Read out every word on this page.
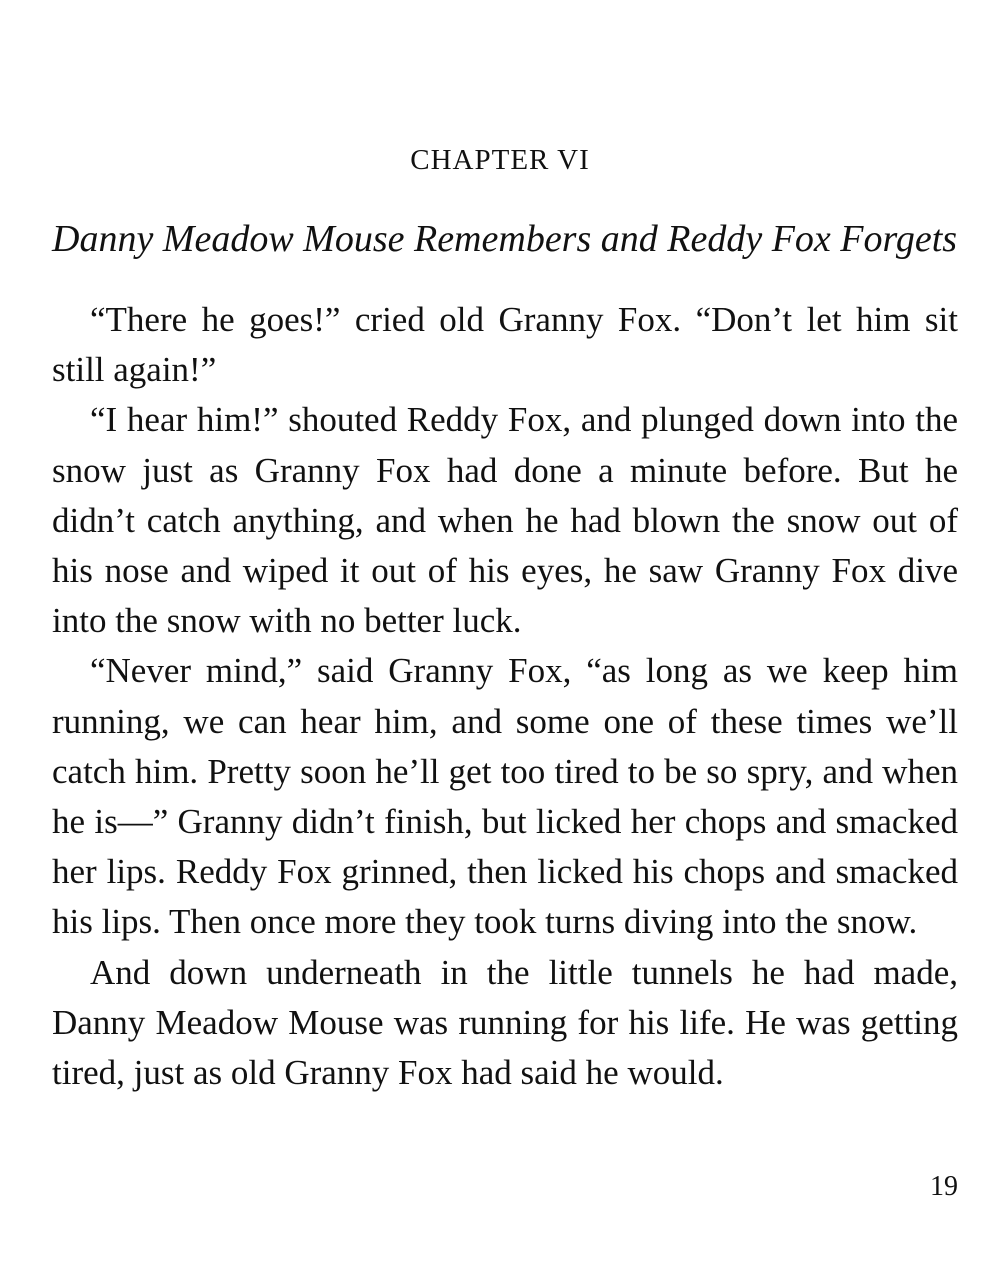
CHAPTER VI
Danny Meadow Mouse Remembers and Reddy Fox Forgets

“There he goes!” cried old Granny Fox. “Don’t let him sit still again!”

“I hear him!” shouted Reddy Fox, and plunged down into the snow just as Granny Fox had done a minute before. But he didn’t catch anything, and when he had blown the snow out of his nose and wiped it out of his eyes, he saw Granny Fox dive into the snow with no better luck.

“Never mind,” said Granny Fox, “as long as we keep him running, we can hear him, and some one of these times we’ll catch him. Pretty soon he’ll get too tired to be so spry, and when he is—” Granny didn’t finish, but licked her chops and smacked her lips. Reddy Fox grinned, then licked his chops and smacked his lips. Then once more they took turns diving into the snow.

And down underneath in the little tunnels he had made, Danny Meadow Mouse was running for his life. He was getting tired, just as old Granny Fox had said he would.

19
